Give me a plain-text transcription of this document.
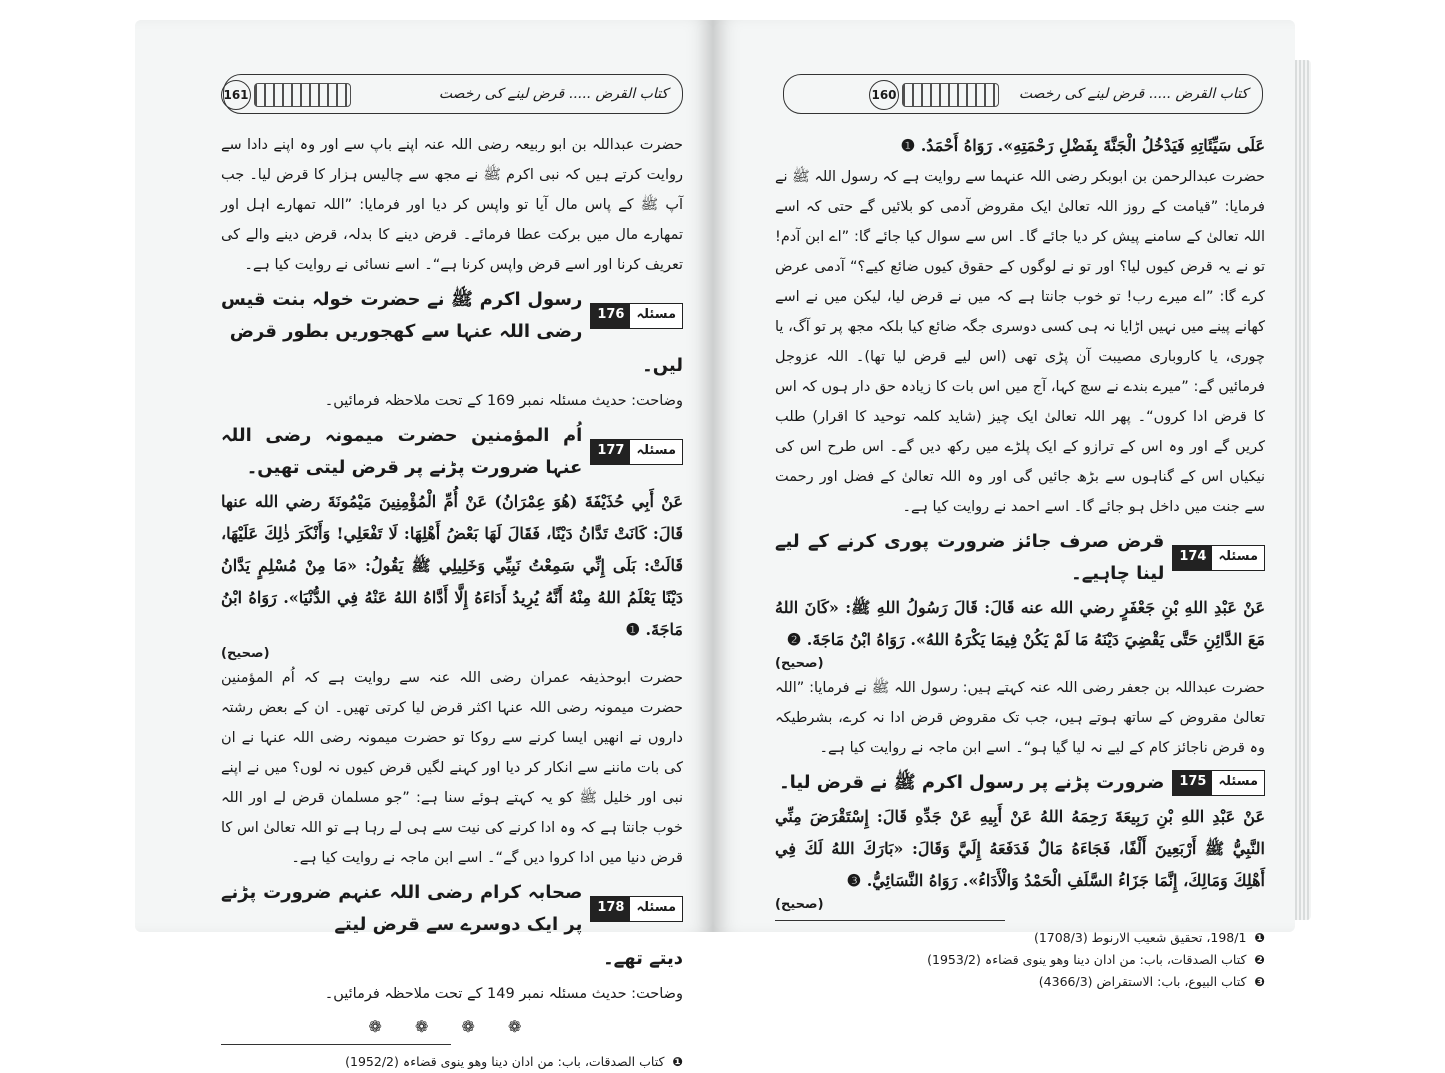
161	کتاب القرض ..... قرض لینے کی رخصت

حضرت عبداللہ بن ابو ربیعہ رضی اللہ عنہ اپنے باپ سے اور وہ اپنے دادا سے روایت کرتے ہیں کہ نبی اکرم ﷺ نے مجھ سے چالیس ہزار کا قرض لیا۔ جب آپ ﷺ کے پاس مال آیا تو واپس کر دیا اور فرمایا: ”اللہ تمھارے اہل اور تمھارے مال میں برکت عطا فرمائے۔ قرض دینے کا بدلہ، قرض دینے والے کی تعریف کرنا اور اسے قرض واپس کرنا ہے“۔ اسے نسائی نے روایت کیا ہے۔

مسئلہ
176
رسول اکرم ﷺ نے حضرت خولہ بنت قیس رضی اللہ عنہا سے کھجوریں بطور قرض

لیں۔

وضاحت: حدیث مسئلہ نمبر 169 کے تحت ملاحظہ فرمائیں۔

مسئلہ
177
اُم المؤمنین حضرت میمونہ رضی اللہ عنہا ضرورت پڑنے پر قرض لیتی تھیں۔

عَنْ أَبِي حُذَيْفَةَ (هُوَ عِمْرَانُ) عَنْ أُمِّ الْمُؤْمِنِينَ مَيْمُونَةَ رضي الله عنها قَالَ: كَانَتْ تَدَّانُ دَيْنًا، فَقَالَ لَهَا بَعْضُ أَهْلِهَا: لَا تَفْعَلِي! وَأَنْكَرَ ذٰلِكَ عَلَيْهَا، قَالَتْ: بَلَى إِنِّي سَمِعْتُ نَبِيِّي وَخَلِيلِي ﷺ يَقُولُ: «مَا مِنْ مُسْلِمٍ يَدَّانُ دَيْنًا يَعْلَمُ اللهُ مِنْهُ أَنَّهُ يُرِيدُ أَدَاءَهُ إِلَّا أَدَّاهُ اللهُ عَنْهُ فِي الدُّنْيَا». رَوَاهُ ابْنُ مَاجَةَ. ❶

(صحیح)

حضرت ابوحذیفہ عمران رضی اللہ عنہ سے روایت ہے کہ اُم المؤمنین حضرت میمونہ رضی اللہ عنہا اکثر قرض لیا کرتی تھیں۔ ان کے بعض رشتہ داروں نے انھیں ایسا کرنے سے روکا تو حضرت میمونہ رضی اللہ عنہا نے ان کی بات ماننے سے انکار کر دیا اور کہنے لگیں قرض کیوں نہ لوں؟ میں نے اپنے نبی اور خلیل ﷺ کو یہ کہتے ہوئے سنا ہے: ”جو مسلمان قرض لے اور اللہ خوب جانتا ہے کہ وہ ادا کرنے کی نیت سے ہی لے رہا ہے تو اللہ تعالیٰ اس کا قرض دنیا میں ادا کروا دیں گے“۔ اسے ابن ماجہ نے روایت کیا ہے۔

مسئلہ
178
صحابہ کرام رضی اللہ عنہم ضرورت پڑنے پر ایک دوسرے سے قرض لیتے

دیتے تھے۔

وضاحت: حدیث مسئلہ نمبر 149 کے تحت ملاحظہ فرمائیں۔

❁ ❁ ❁ ❁

❶ کتاب الصدقات، باب: من ادان دینا وھو ینوی قضاءہ (1952/2)

160	کتاب القرض ..... قرض لینے کی رخصت

عَلَى سَيِّئَاتِهِ فَيَدْخُلُ الْجَنَّةَ بِفَضْلِ رَحْمَتِهِ». رَوَاهُ أَحْمَدُ. ❶

حضرت عبدالرحمن بن ابوبکر رضی اللہ عنہما سے روایت ہے کہ رسول اللہ ﷺ نے فرمایا: ”قیامت کے روز اللہ تعالیٰ ایک مقروض آدمی کو بلائیں گے حتی کہ اسے اللہ تعالیٰ کے سامنے پیش کر دیا جائے گا۔ اس سے سوال کیا جائے گا: ”اے ابن آدم! تو نے یہ قرض کیوں لیا؟ اور تو نے لوگوں کے حقوق کیوں ضائع کیے؟“ آدمی عرض کرے گا: ”اے میرے رب! تو خوب جانتا ہے کہ میں نے قرض لیا، لیکن میں نے اسے کھانے پینے میں نہیں اڑایا نہ ہی کسی دوسری جگہ ضائع کیا بلکہ مجھ پر تو آگ، یا چوری، یا کاروباری مصیبت آن پڑی تھی (اس لیے قرض لیا تھا)۔ اللہ عزوجل فرمائیں گے: ”میرے بندے نے سچ کہا، آج میں اس بات کا زیادہ حق دار ہوں کہ اس کا قرض ادا کروں“۔ پھر اللہ تعالیٰ ایک چیز (شاید کلمہ توحید کا اقرار) طلب کریں گے اور وہ اس کے ترازو کے ایک پلڑے میں رکھ دیں گے۔ اس طرح اس کی نیکیاں اس کے گناہوں سے بڑھ جائیں گی اور وہ اللہ تعالیٰ کے فضل اور رحمت سے جنت میں داخل ہو جائے گا۔ اسے احمد نے روایت کیا ہے۔

مسئلہ
174
قرض صرف جائز ضرورت پوری کرنے کے لیے لینا چاہیے۔

عَنْ عَبْدِ اللهِ بْنِ جَعْفَرٍ رضي الله عنه قَالَ: قَالَ رَسُولُ اللهِ ﷺ: «كَانَ اللهُ مَعَ الدَّائِنِ حَتَّى يَقْضِيَ دَيْنَهُ مَا لَمْ يَكُنْ فِيمَا يَكْرَهُ اللهُ». رَوَاهُ ابْنُ مَاجَةَ. ❷

(صحیح)

حضرت عبداللہ بن جعفر رضی اللہ عنہ کہتے ہیں: رسول اللہ ﷺ نے فرمایا: ”اللہ تعالیٰ مقروض کے ساتھ ہوتے ہیں، جب تک مقروض قرض ادا نہ کرے، بشرطیکہ وہ قرض ناجائز کام کے لیے نہ لیا گیا ہو“۔ اسے ابن ماجہ نے روایت کیا ہے۔

مسئلہ
175
ضرورت پڑنے پر رسول اکرم ﷺ نے قرض لیا۔

عَنْ عَبْدِ اللهِ بْنِ رَبِيعَةَ رَحِمَهُ اللهُ عَنْ أَبِيهِ عَنْ جَدِّهِ قَالَ: إِسْتَقْرَضَ مِنِّي النَّبِيُّ ﷺ أَرْبَعِينَ أَلْفًا، فَجَاءَهُ مَالٌ فَدَفَعَهُ إِلَيَّ وَقَالَ: «بَارَكَ اللهُ لَكَ فِي أَهْلِكَ وَمَالِكَ، إِنَّمَا جَزَاءُ السَّلَفِ الْحَمْدُ وَالْأَدَاءُ». رَوَاهُ النَّسَائِيُّ. ❸

(صحیح)

❶ 198/1، تحقیق شعیب الارنوط (1708/3)

❷ کتاب الصدقات، باب: من ادان دینا وھو ینوی قضاءہ (1953/2)

❸ کتاب البیوع، باب: الاستقراض (4366/3)
